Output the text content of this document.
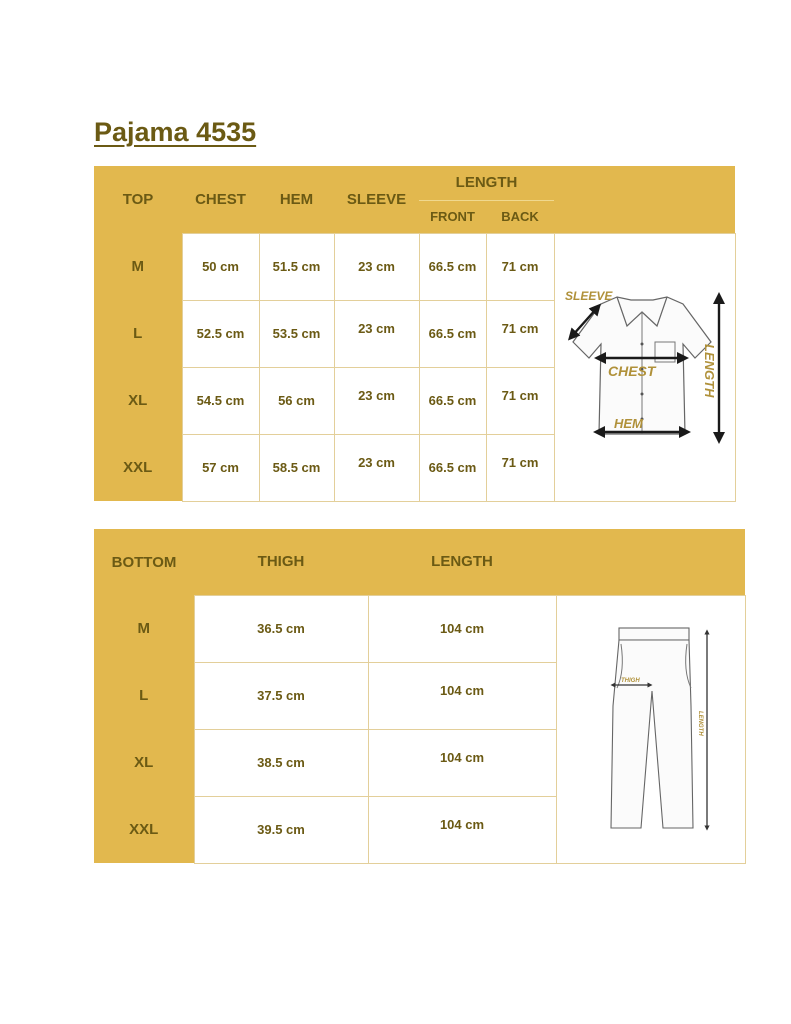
Pajama 4535
TOP	CHEST	HEM	SLEEVE	LENGTH		
				FRONT	BACK	
M	50 cm	51.5 cm	23 cm	66.5 cm	71 cm	SLEEVE
CHEST
HEM
LENGTH

L	52.5 cm	53.5 cm	23 cm	66.5 cm	71 cm	
XL	54.5 cm	56 cm	23 cm	66.5 cm	71 cm	
XXL	57 cm	58.5 cm	23 cm	66.5 cm	71 cm	
BOTTOM	THIGH	LENGTH	
M	36.5 cm	104 cm	THIGH
LENGTH

L	37.5 cm	104 cm	
XL	38.5 cm	104 cm	
XXL	39.5 cm	104 cm	
